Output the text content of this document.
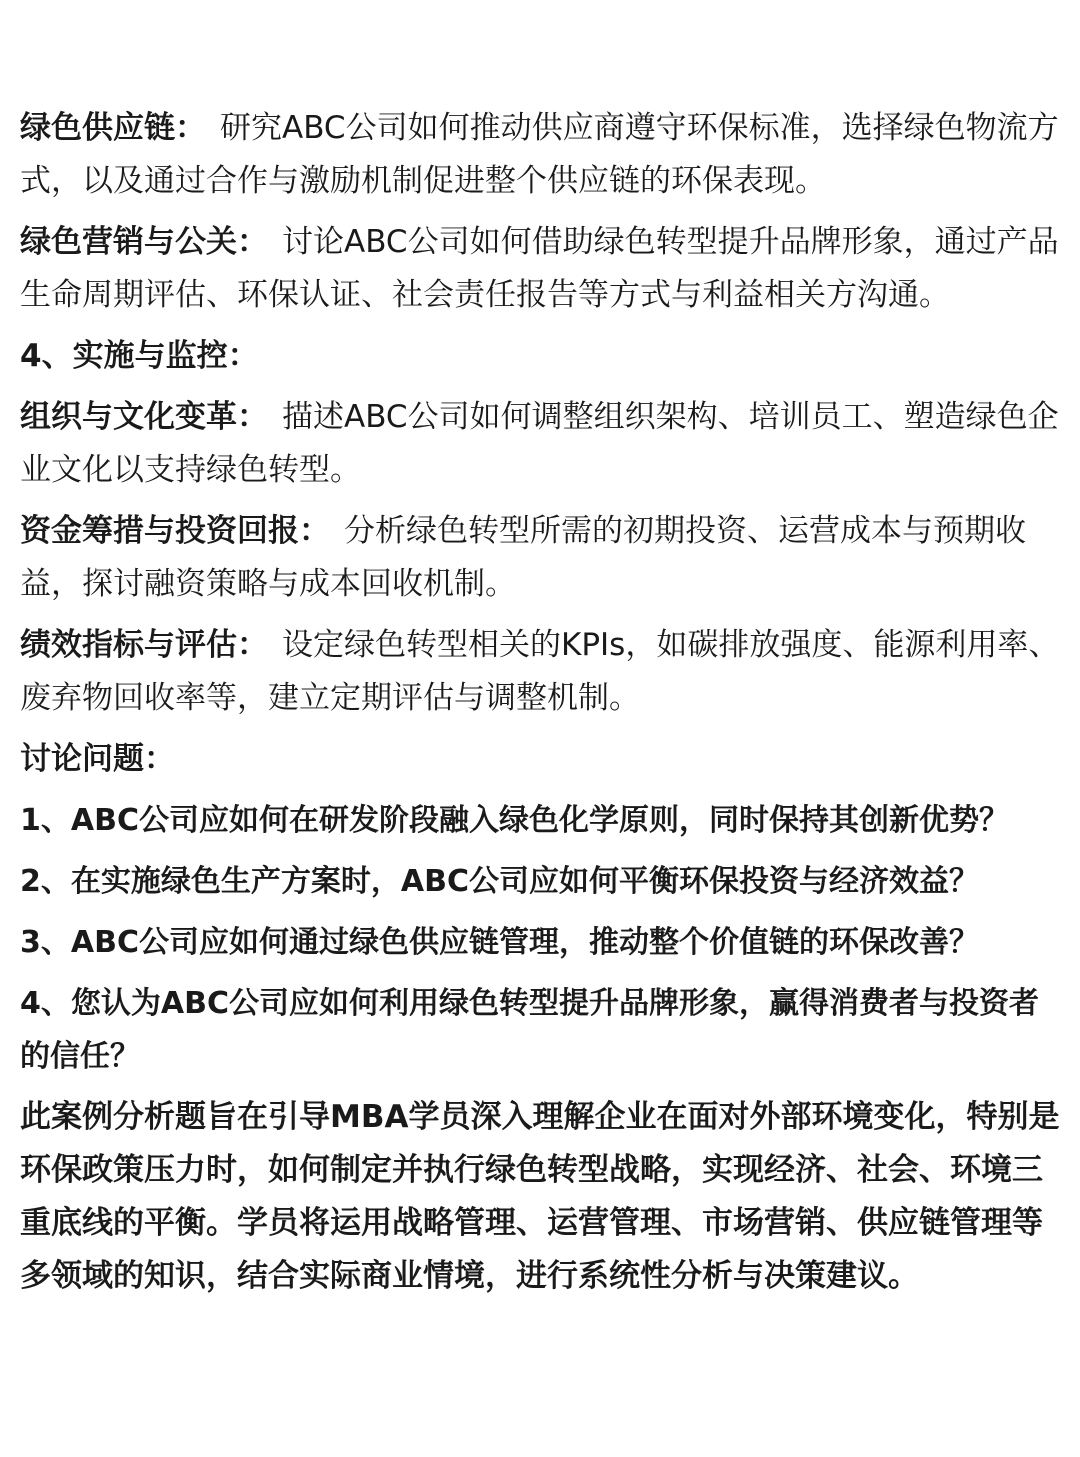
绿色供应链： 研究ABC公司如何推动供应商遵守环保标准，选择绿色物流方式，以及通过合作与激励机制促进整个供应链的环保表现。

绿色营销与公关： 讨论ABC公司如何借助绿色转型提升品牌形象，通过产品生命周期评估、环保认证、社会责任报告等方式与利益相关方沟通。

4、实施与监控：

组织与文化变革： 描述ABC公司如何调整组织架构、培训员工、塑造绿色企业文化以支持绿色转型。

资金筹措与投资回报： 分析绿色转型所需的初期投资、运营成本与预期收益，探讨融资策略与成本回收机制。

绩效指标与评估： 设定绿色转型相关的KPIs，如碳排放强度、能源利用率、废弃物回收率等，建立定期评估与调整机制。

讨论问题：

1、ABC公司应如何在研发阶段融入绿色化学原则，同时保持其创新优势？

2、在实施绿色生产方案时，ABC公司应如何平衡环保投资与经济效益？

3、ABC公司应如何通过绿色供应链管理，推动整个价值链的环保改善？

4、您认为ABC公司应如何利用绿色转型提升品牌形象，赢得消费者与投资者的信任？

此案例分析题旨在引导MBA学员深入理解企业在面对外部环境变化，特别是环保政策压力时，如何制定并执行绿色转型战略，实现经济、社会、环境三重底线的平衡。学员将运用战略管理、运营管理、市场营销、供应链管理等多领域的知识，结合实际商业情境，进行系统性分析与决策建议。
